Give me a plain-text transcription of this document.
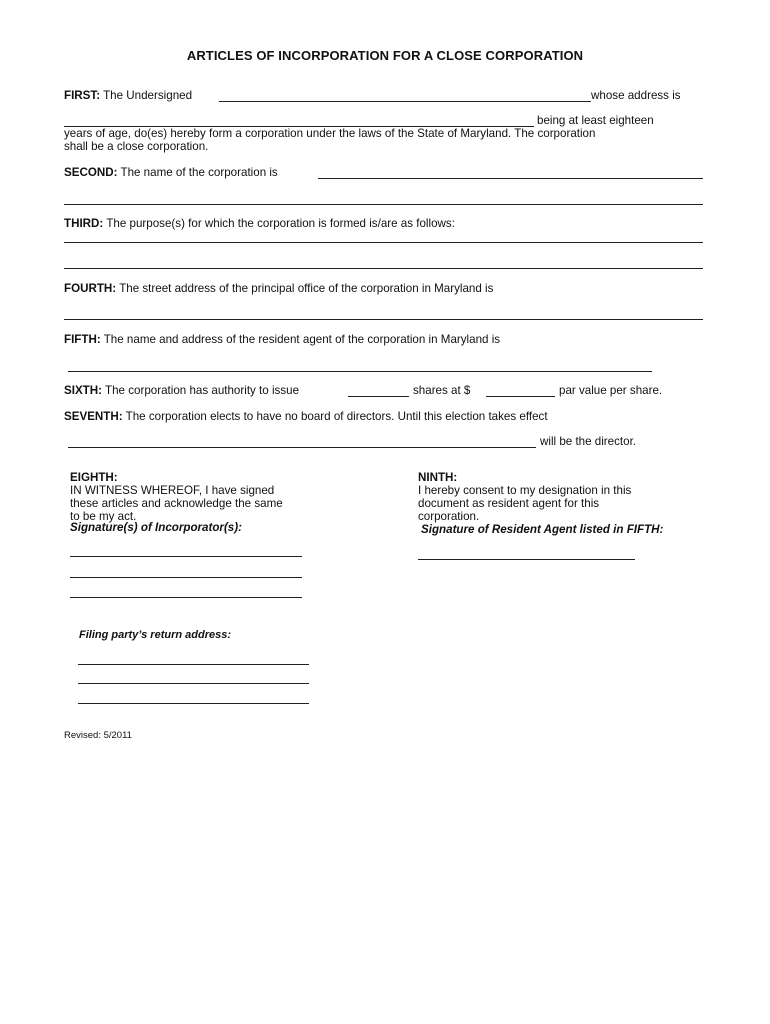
ARTICLES OF INCORPORATION FOR A CLOSE CORPORATION
FIRST: The Undersigned	whose address is
being at least eighteen
years of age, do(es) hereby form a corporation under the laws of the State of Maryland. The corporation
shall be a close corporation.
SECOND: The name of the corporation is
THIRD: The purpose(s) for which the corporation is formed is/are as follows:
FOURTH: The street address of the principal office of the corporation in Maryland is
FIFTH: The name and address of the resident agent of the corporation in Maryland is
SIXTH: The corporation has authority to issue	shares at $	par value per share.
SEVENTH: The corporation elects to have no board of directors. Until this election takes effect
will be the director.
EIGHTH:
IN WITNESS WHEREOF, I have signed
these articles and acknowledge the same
to be my act.
Signature(s) of Incorporator(s):
NINTH:
I hereby consent to my designation in this
document as resident agent for this
corporation.
Signature of Resident Agent listed in FIFTH:
Filing party’s return address:
Revised: 5/2011
